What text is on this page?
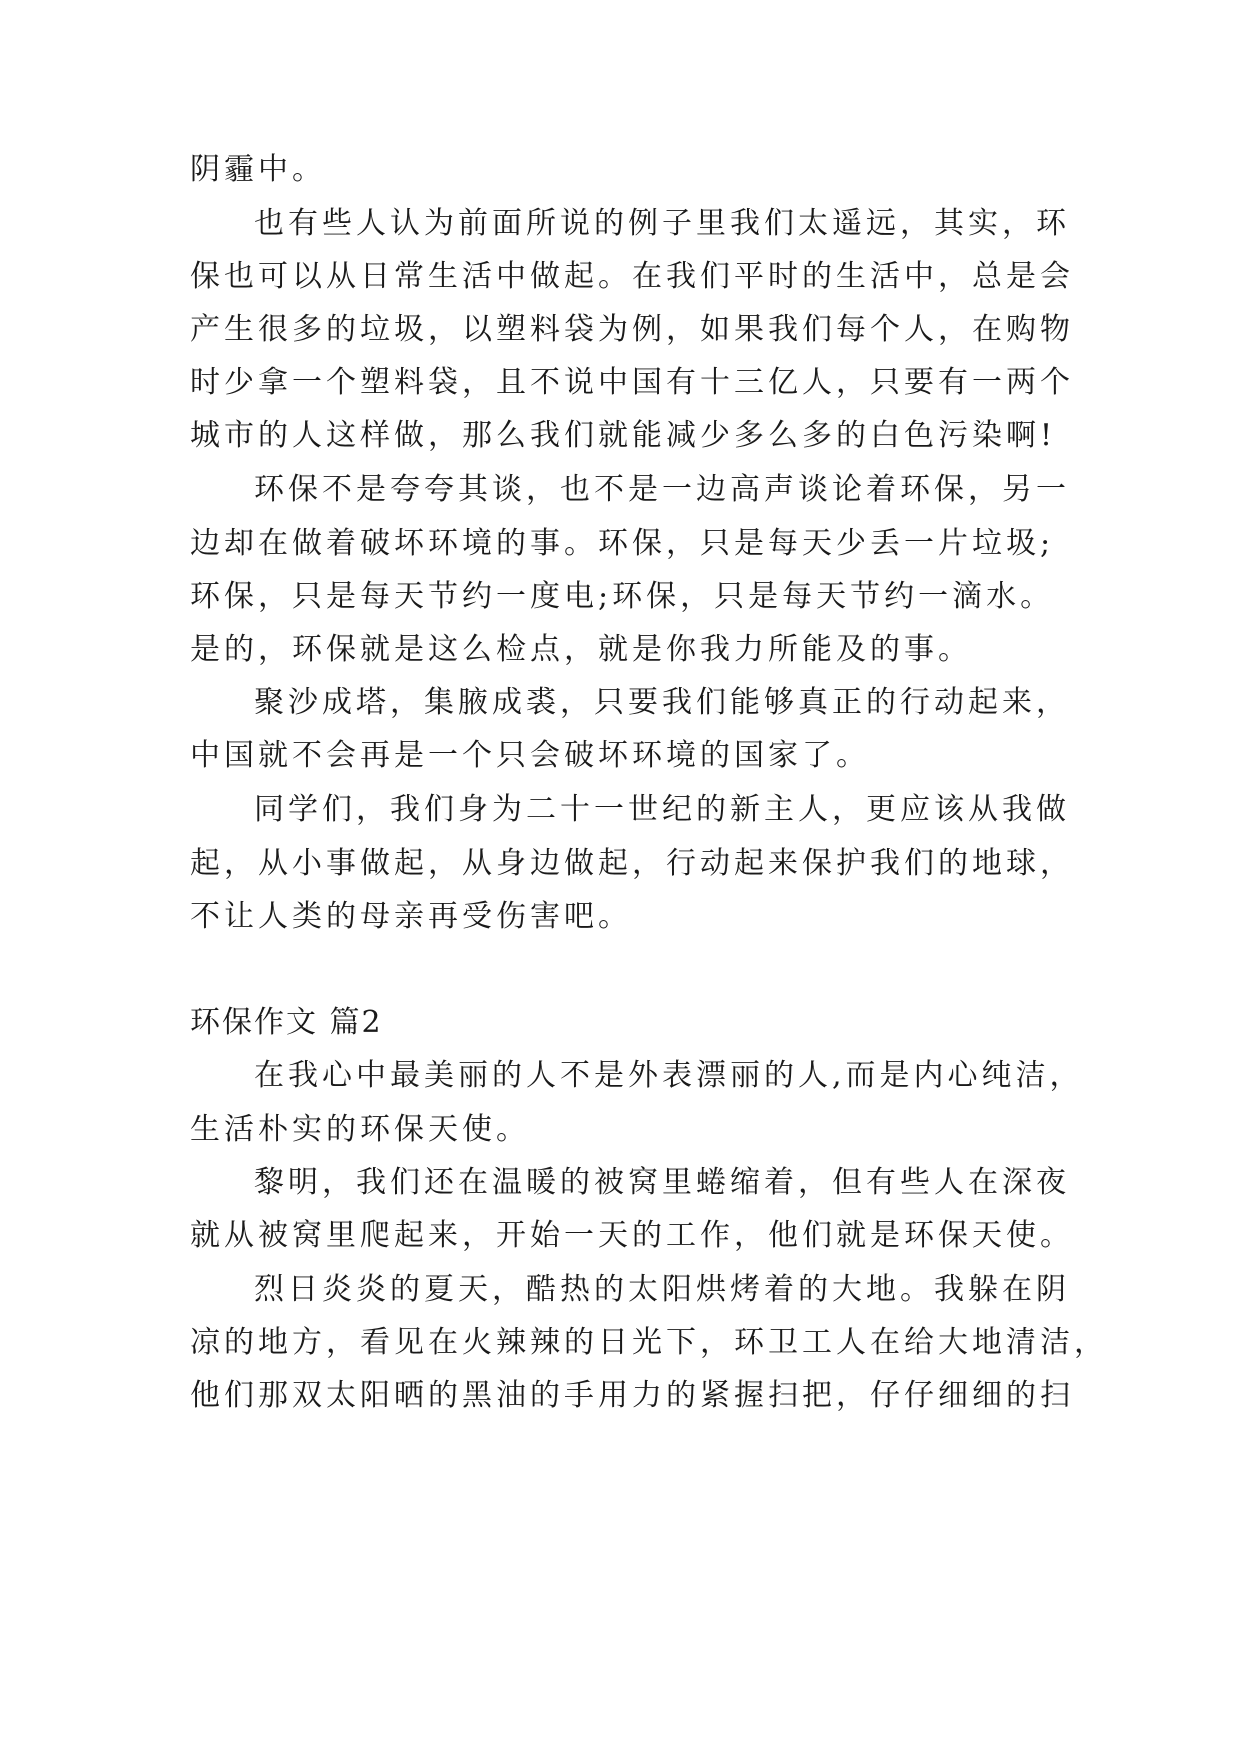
阴霾中。
也有些人认为前面所说的例子里我们太遥远，其实，环
保也可以从日常生活中做起。在我们平时的生活中，总是会
产生很多的垃圾，以塑料袋为例，如果我们每个人，在购物
时少拿一个塑料袋，且不说中国有十三亿人，只要有一两个
城市的人这样做，那么我们就能减少多么多的白色污染啊!
环保不是夸夸其谈，也不是一边高声谈论着环保，另一
边却在做着破坏环境的事。环保，只是每天少丢一片垃圾;
环保，只是每天节约一度电;环保，只是每天节约一滴水。
是的，环保就是这么检点，就是你我力所能及的事。
聚沙成塔，集腋成裘，只要我们能够真正的行动起来，
中国就不会再是一个只会破坏环境的国家了。
同学们，我们身为二十一世纪的新主人，更应该从我做
起，从小事做起，从身边做起，行动起来保护我们的地球，
不让人类的母亲再受伤害吧。
环保作文 篇2
在我心中最美丽的人不是外表漂丽的人,而是内心纯洁，
生活朴实的环保天使。
黎明，我们还在温暖的被窝里蜷缩着，但有些人在深夜
就从被窝里爬起来，开始一天的工作，他们就是环保天使。
烈日炎炎的夏天，酷热的太阳烘烤着的大地。我躲在阴
凉的地方，看见在火辣辣的日光下，环卫工人在给大地清洁，
他们那双太阳晒的黑油的手用力的紧握扫把，仔仔细细的扫
